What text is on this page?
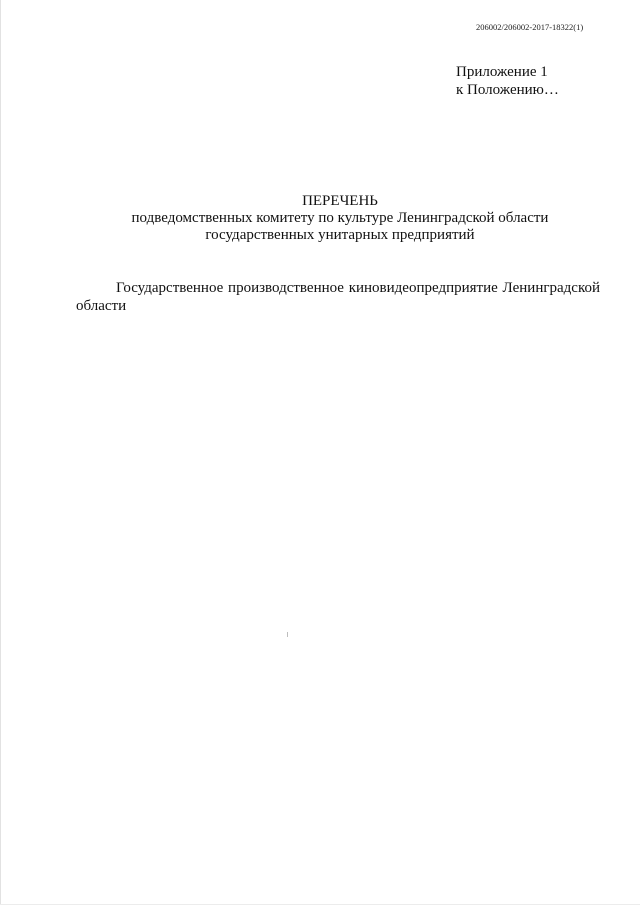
206002/206002-2017-18322(1)
Приложение 1
к Положению…
ПЕРЕЧЕНЬ
подведомственных комитету по культуре Ленинградской области
государственных унитарных предприятий
Государственное производственное киновидеопредприятие Ленинградской
области
